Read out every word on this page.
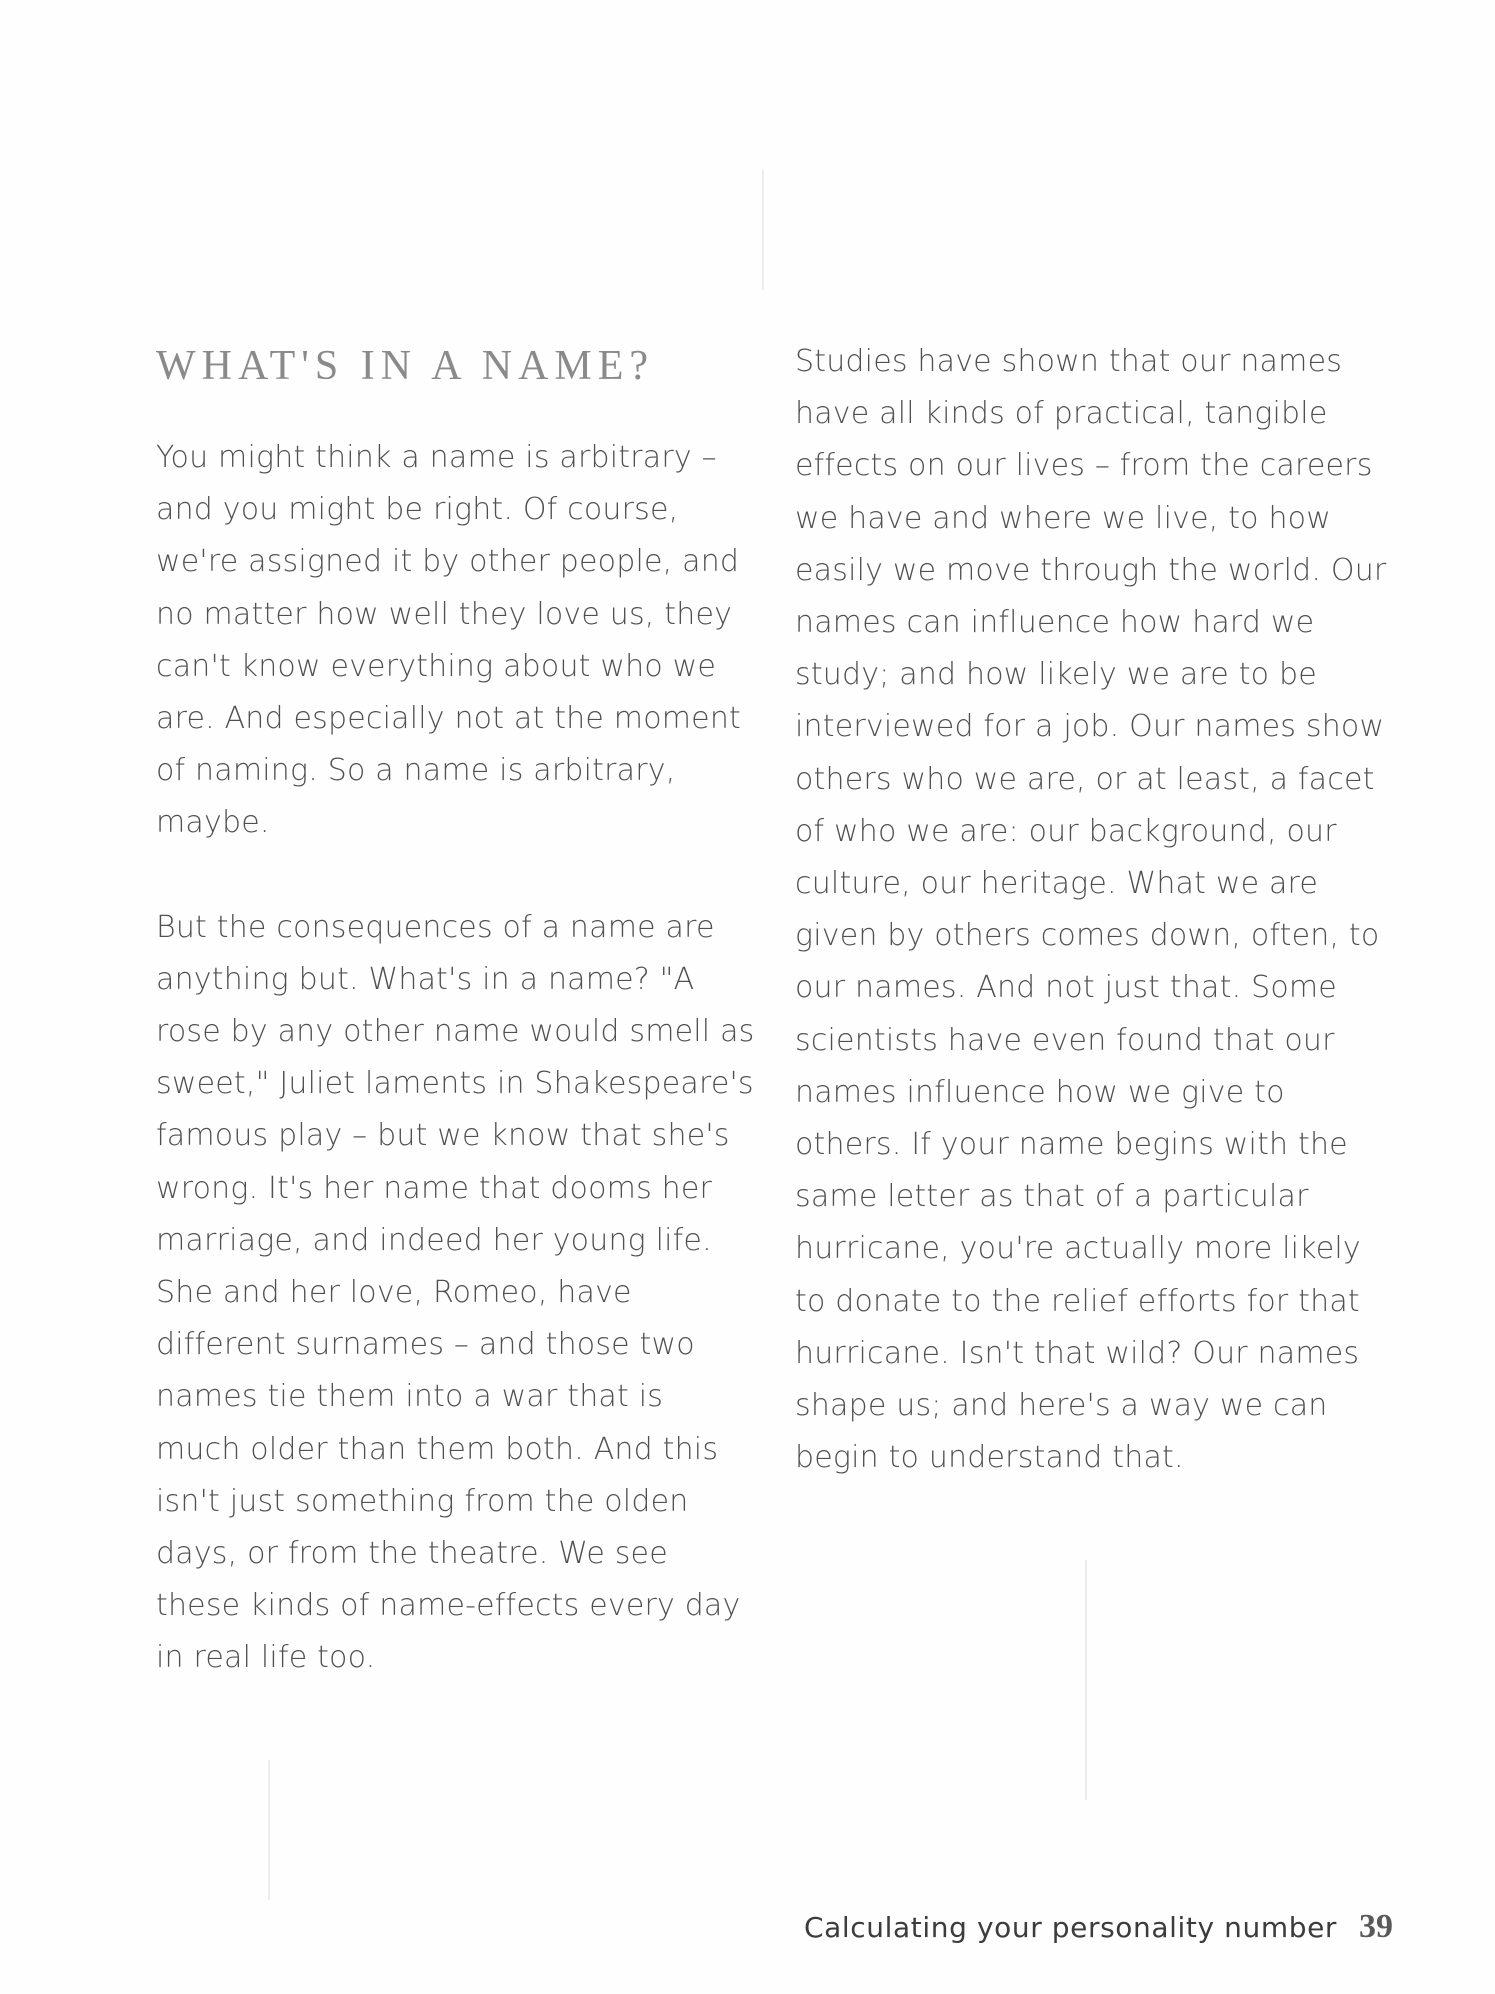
WHAT'S IN A NAME?

You might think a name is arbitrary – and you might be right. Of course, we're assigned it by other people, and no matter how well they love us, they can't know everything about who we are. And especially not at the moment of naming. So a name is arbitrary, maybe.

But the consequences of a name are anything but. What's in a name? "A rose by any other name would smell as sweet," Juliet laments in Shakespeare's famous play – but we know that she's wrong. It's her name that dooms her marriage, and indeed her young life. She and her love, Romeo, have different surnames – and those two names tie them into a war that is much older than them both. And this isn't just something from the olden days, or from the theatre. We see these kinds of name-effects every day in real life too.

Studies have shown that our names have all kinds of practical, tangible effects on our lives – from the careers we have and where we live, to how easily we move through the world. Our names can influence how hard we study; and how likely we are to be interviewed for a job. Our names show others who we are, or at least, a facet of who we are: our background, our culture, our heritage. What we are given by others comes down, often, to our names. And not just that. Some scientists have even found that our names influence how we give to others. If your name begins with the same letter as that of a particular hurricane, you're actually more likely to donate to the relief efforts for that hurricane. Isn't that wild? Our names shape us; and here's a way we can begin to understand that.

Calculating your personality number 39
